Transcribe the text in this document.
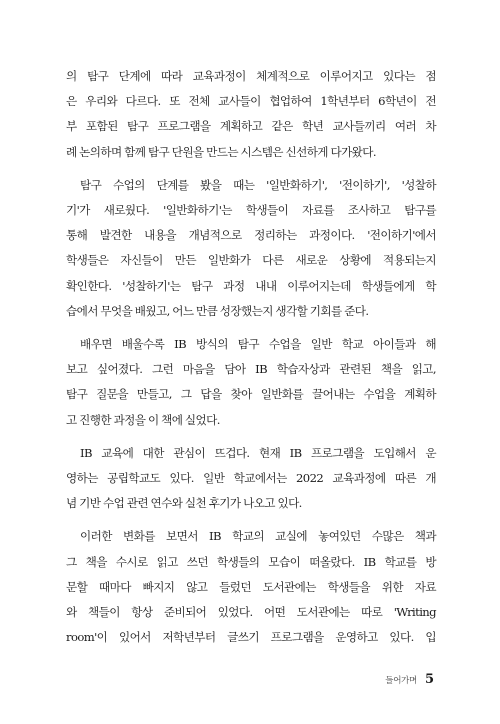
의 탐구 단계에 따라 교육과정이 체계적으로 이루어지고 있다는 점
은 우리와 다르다. 또 전체 교사들이 협업하여 1학년부터 6학년이 전
부 포함된 탐구 프로그램을 계획하고 같은 학년 교사들끼리 여러 차
례 논의하며 함께 탐구 단원을 만드는 시스템은 신선하게 다가왔다.
탐구 수업의 단계를 봤을 때는 '일반화하기', '전이하기', '성찰하
기'가 새로웠다. '일반화하기'는 학생들이 자료를 조사하고 탐구를
통해 발견한 내용을 개념적으로 정리하는 과정이다. '전이하기'에서
학생들은 자신들이 만든 일반화가 다른 새로운 상황에 적용되는지
확인한다. '성찰하기'는 탐구 과정 내내 이루어지는데 학생들에게 학
습에서 무엇을 배웠고, 어느 만큼 성장했는지 생각할 기회를 준다.
배우면 배울수록 IB 방식의 탐구 수업을 일반 학교 아이들과 해
보고 싶어졌다. 그런 마음을 담아 IB 학습자상과 관련된 책을 읽고,
탐구 질문을 만들고, 그 답을 찾아 일반화를 끌어내는 수업을 계획하
고 진행한 과정을 이 책에 실었다.
IB 교육에 대한 관심이 뜨겁다. 현재 IB 프로그램을 도입해서 운
영하는 공립학교도 있다. 일반 학교에서는 2022 교육과정에 따른 개
념 기반 수업 관련 연수와 실천 후기가 나오고 있다.
이러한 변화를 보면서 IB 학교의 교실에 놓여있던 수많은 책과
그 책을 수시로 읽고 쓰던 학생들의 모습이 떠올랐다. IB 학교를 방
문할 때마다 빠지지 않고 들렀던 도서관에는 학생들을 위한 자료
와 책들이 항상 준비되어 있었다. 어떤 도서관에는 따로 'Writing
room'이 있어서 저학년부터 글쓰기 프로그램을 운영하고 있다. 입
들어가며 5
